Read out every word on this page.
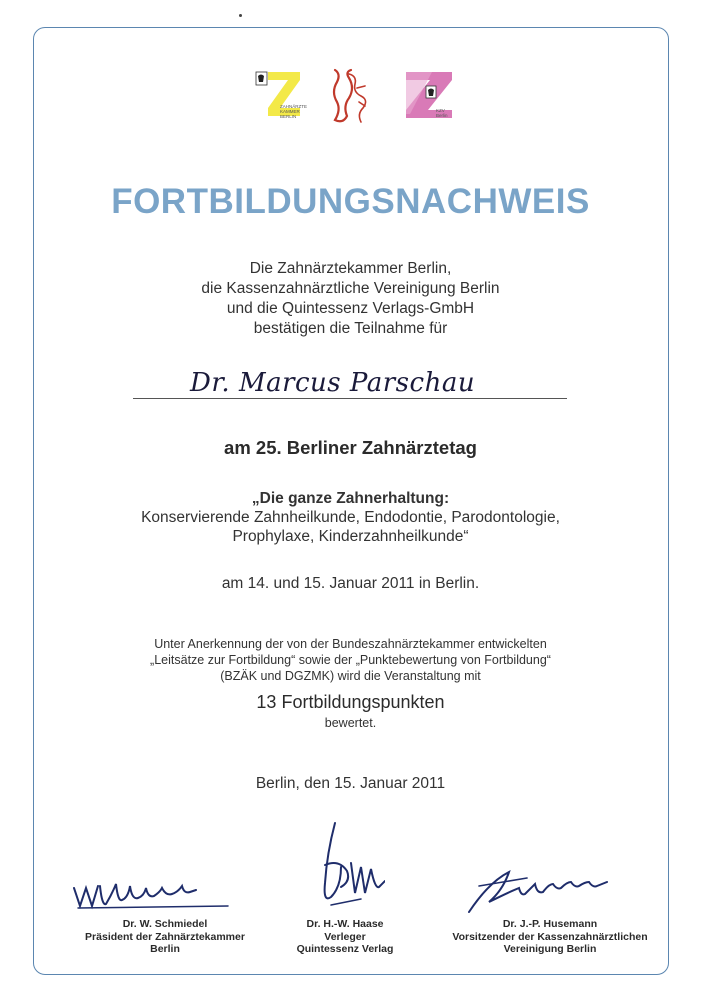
ZAHNÄRZTE
KAMMER
BERLIN
KZV
Berlin
FORTBILDUNGSNACHWEIS
Die Zahnärztekammer Berlin,
die Kassenzahnärztliche Vereinigung Berlin
und die Quintessenz Verlags-GmbH
bestätigen die Teilnahme für
Dr. Marcus Parschau
am 25. Berliner Zahnärztetag
„Die ganze Zahnerhaltung:
Konservierende Zahnheilkunde, Endodontie, Parodontologie,
Prophylaxe, Kinderzahnheilkunde“
am 14. und 15. Januar 2011 in Berlin.
Unter Anerkennung der von der Bundeszahnärztekammer entwickelten
„Leitsätze zur Fortbildung“ sowie der „Punktebewertung von Fortbildung“
(BZÄK und DGZMK) wird die Veranstaltung mit
13 Fortbildungspunkten
bewertet.
Berlin, den 15. Januar 2011
Dr. W. Schmiedel
Präsident der Zahnärztekammer
Berlin
Dr. H.-W. Haase
Verleger
Quintessenz Verlag
Dr. J.-P. Husemann
Vorsitzender der Kassenzahnärztlichen
Vereinigung Berlin
